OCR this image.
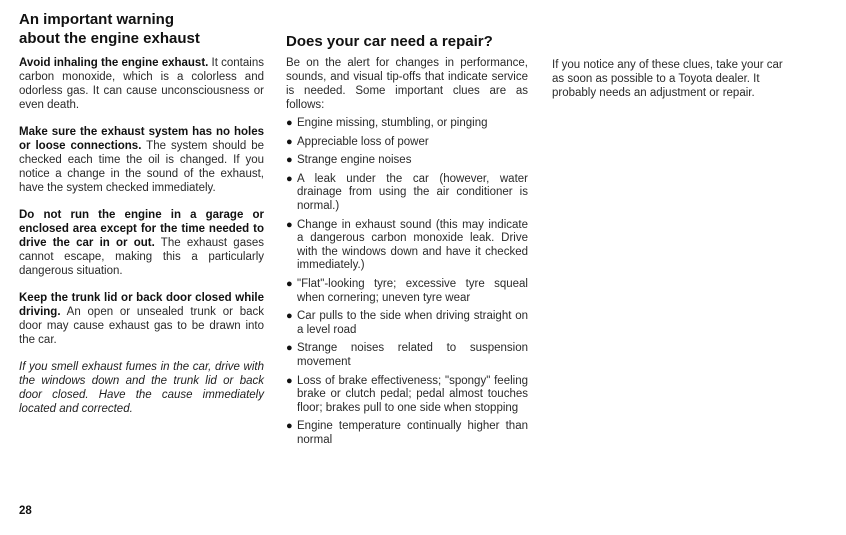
An important warning
about the engine exhaust

Avoid inhaling the engine exhaust. It contains carbon monoxide, which is a colorless and odorless gas. It can cause unconsciousness or even death.

Make sure the exhaust system has no holes or loose connections. The system should be checked each time the oil is changed. If you notice a change in the sound of the exhaust, have the system checked immediately.

Do not run the engine in a garage or enclosed area except for the time needed to drive the car in or out. The exhaust gases cannot escape, making this a particularly dangerous situation.

Keep the trunk lid or back door closed while driving. An open or unsealed trunk or back door may cause exhaust gas to be drawn into the car.

If you smell exhaust fumes in the car, drive with the windows down and the trunk lid or back door closed. Have the cause immediately located and corrected.

Does your car need a repair?

Be on the alert for changes in performance, sounds, and visual tip-offs that indicate service is needed. Some important clues are as follows:

● Engine missing, stumbling, or pinging
● Appreciable loss of power
● Strange engine noises
● A leak under the car (however, water drainage from using the air conditioner is normal.)
● Change in exhaust sound (this may indicate a dangerous carbon monoxide leak. Drive with the windows down and have it checked immediately.)
● "Flat"-looking tyre; excessive tyre squeal when cornering; uneven tyre wear
● Car pulls to the side when driving straight on a level road
● Strange noises related to suspension movement
● Loss of brake effectiveness; "spongy" feeling brake or clutch pedal; pedal almost touches floor; brakes pull to one side when stopping
● Engine temperature continually higher than normal

If you notice any of these clues, take your car as soon as possible to a Toyota dealer. It probably needs an adjustment or repair.

28
